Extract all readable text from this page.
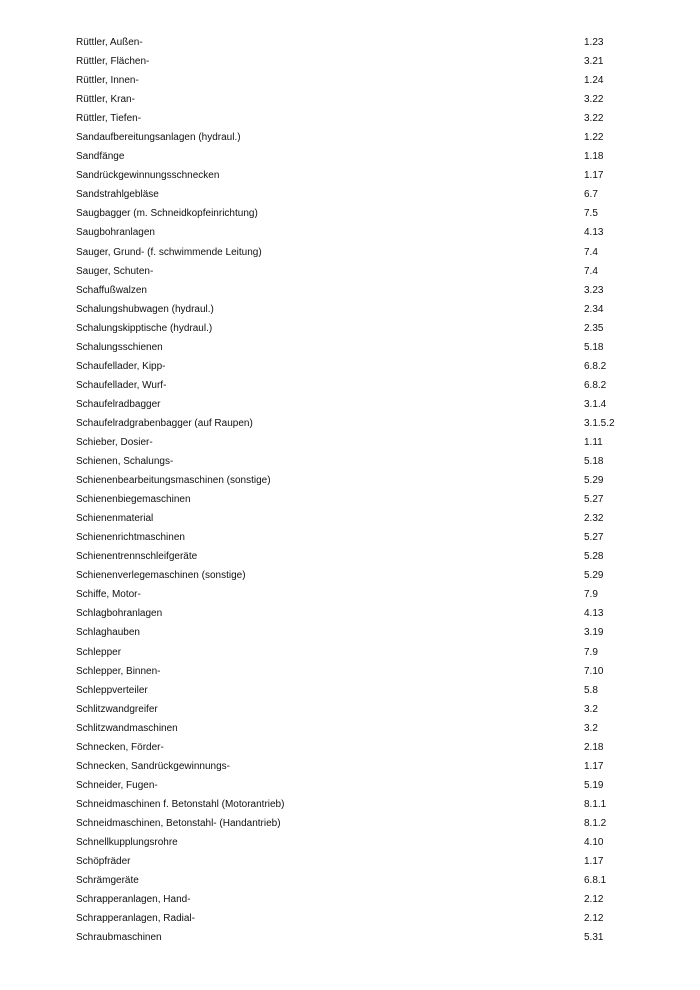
Rüttler, Außen-	1.23
Rüttler, Flächen-	3.21
Rüttler, Innen-	1.24
Rüttler, Kran-	3.22
Rüttler, Tiefen-	3.22
Sandaufbereitungsanlagen (hydraul.)	1.22
Sandfänge	1.18
Sandrückgewinnungsschnecken	1.17
Sandstrahlgebläse	6.7
Saugbagger (m. Schneidkopfeinrichtung)	7.5
Saugbohranlagen	4.13
Sauger, Grund- (f. schwimmende Leitung)	7.4
Sauger, Schuten-	7.4
Schaffußwalzen	3.23
Schalungshubwagen (hydraul.)	2.34
Schalungskipptische (hydraul.)	2.35
Schalungsschienen	5.18
Schaufellader, Kipp-	6.8.2
Schaufellader, Wurf-	6.8.2
Schaufelradbagger	3.1.4
Schaufelradgrabenbagger (auf Raupen)	3.1.5.2
Schieber, Dosier-	1.11
Schienen, Schalungs-	5.18
Schienenbearbeitungsmaschinen (sonstige)	5.29
Schienenbiegemaschinen	5.27
Schienenmaterial	2.32
Schienenrichtmaschinen	5.27
Schienentrennschleifgeräte	5.28
Schienenverlegemaschinen (sonstige)	5.29
Schiffe, Motor-	7.9
Schlagbohranlagen	4.13
Schlaghauben	3.19
Schlepper	7.9
Schlepper, Binnen-	7.10
Schleppverteiler	5.8
Schlitzwandgreifer	3.2
Schlitzwandmaschinen	3.2
Schnecken, Förder-	2.18
Schnecken, Sandrückgewinnungs-	1.17
Schneider, Fugen-	5.19
Schneidmaschinen f. Betonstahl (Motorantrieb)	8.1.1
Schneidmaschinen, Betonstahl- (Handantrieb)	8.1.2
Schnellkupplungsrohre	4.10
Schöpfräder	1.17
Schrämgeräte	6.8.1
Schrapperanlagen, Hand-	2.12
Schrapperanlagen, Radial-	2.12
Schraubmaschinen	5.31
